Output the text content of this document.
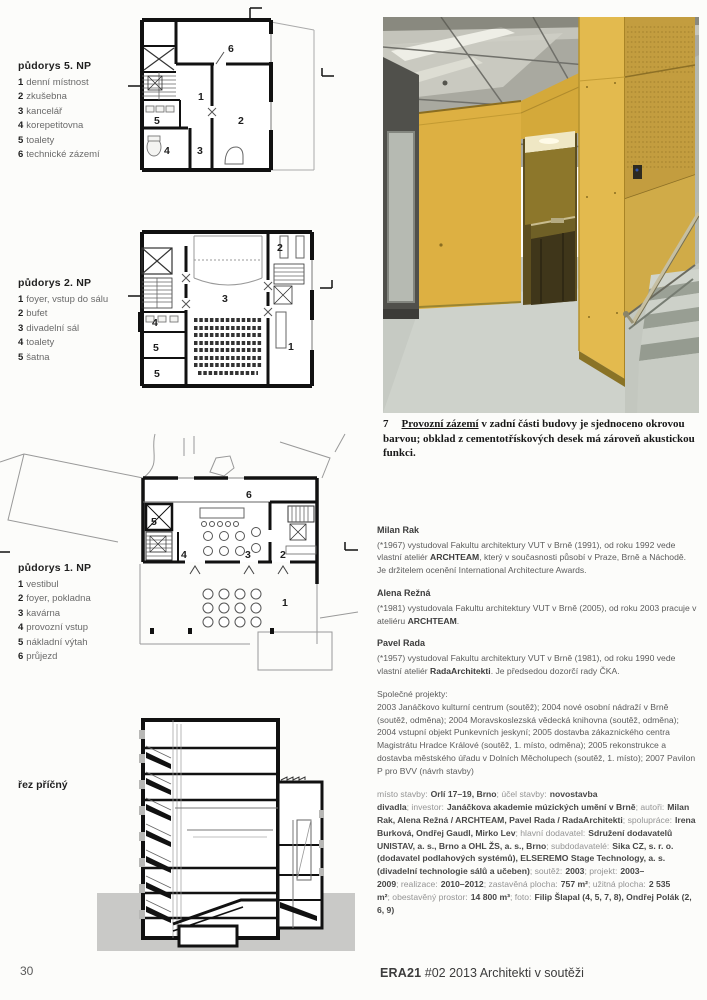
6
1
2
3
4
5
půdorys 5. NP
1 denní místnost
2 zkušebna
3 kancelář
4 korepetitovna
5 toalety
6 technické zázemí
3
1
2
4
5
5
půdorys 2. NP
1 foyer, vstup do sálu
2 bufet
3 divadelní sál
4 toalety
5 šatna
6
5
4	3	2
1
půdorys 1. NP
1 vestibul
2 foyer, pokladna
3 kavárna
4 provozní vstup
5 nákladní výtah
6 průjezd
řez příčný

7 Provozní zázemí v zadní části budovy je sjednoceno okrovou barvou; obklad z cementotřískových desek má zároveň akustickou funkci.

Milan Rak

(*1967) vystudoval Fakultu architektury VUT v Brně (1991), od roku 1992 vede vlastní ateliér ARCHTEAM, který v současnosti působí v Praze, Brně a Náchodě.
Je držitelem ocenění International Architecture Awards.

Alena Režná

(*1981) vystudovala Fakultu architektury VUT v Brně (2005), od roku 2003 pracuje v ateliéru ARCHTEAM.

Pavel Rada

(*1957) vystudoval Fakultu architektury VUT v Brně (1981), od roku 1990 vede vlastní ateliér RadaArchitekti. Je předsedou dozorčí rady ČKA.

Společné projekty:
2003 Janáčkovo kulturní centrum (soutěž); 2004 nové osobní nádraží v Brně (soutěž, odměna); 2004 Moravskoslezská vědecká knihovna (soutěž, odměna); 2004 vstupní objekt Punkevních jeskyní; 2005 dostavba zákaznického centra Magistrátu Hradce Králové (soutěž, 1. místo, odměna); 2005 rekonstrukce a dostavba městského úřadu v Dolních Měcholupech (soutěž, 1. místo); 2007 Pavilon P pro BVV (návrh stavby)

místo stavby: Orlí 17–19, Brno; účel stavby: novostavba divadla; investor: Janáčkova akademie múzických umění v Brně; autoři: Milan Rak, Alena Režná / ARCHTEAM, Pavel Rada / RadaArchitekti; spolupráce: Irena Burková, Ondřej Gaudl, Mirko Lev; hlavní dodavatel: Sdružení dodavatelů UNISTAV, a. s., Brno a OHL ŽS, a. s., Brno; subdodavatelé: Sika CZ, s. r. o. (dodavatel podlahových systémů), ELSEREMO Stage Technology, a. s. (divadelní technologie sálů a učeben); soutěž: 2003; projekt: 2003–2009; realizace: 2010–2012; zastavěná plocha: 757 m²; užitná plocha: 2 535 m²; obestavěný prostor: 14 800 m³; foto: Filip Šlapal (4, 5, 7, 8), Ondřej Polák (2, 6, 9)

30	ERA21 #02 2013 Architekti v soutěži
